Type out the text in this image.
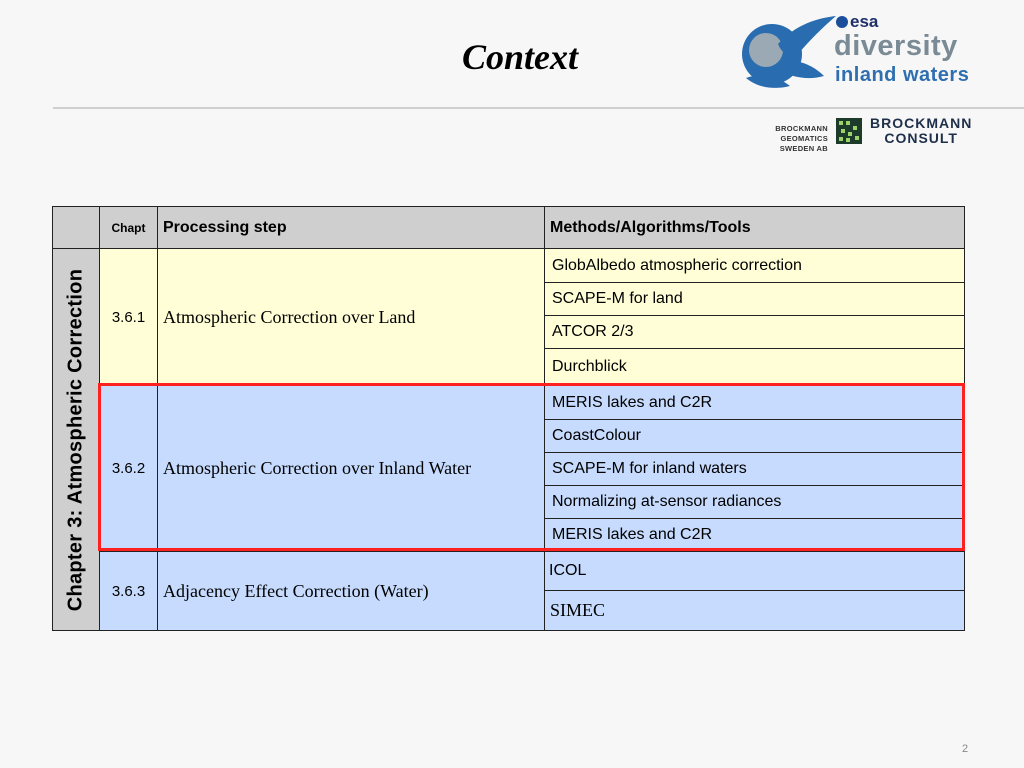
Context
esa
diversity
inland waters
BROCKMANN GEOMATICS
SWEDEN AB
BROCKMANN
CONSULT
	Chapt	Processing step	Methods/Algorithms/Tools

Chapter 3: Atmospheric Correction	3.6.1	Atmospheric Correction over Land	GlobAlbedo atmospheric correction
			SCAPE-M for land
			ATCOR 2/3
			Durchblick
	3.6.2	Atmospheric Correction over Inland Water	MERIS lakes and C2R
			CoastColour
			SCAPE-M for inland waters
			Normalizing at-sensor radiances
			MERIS lakes and C2R
	3.6.3	Adjacency Effect Correction (Water)	ICOL
			SIMEC
2
